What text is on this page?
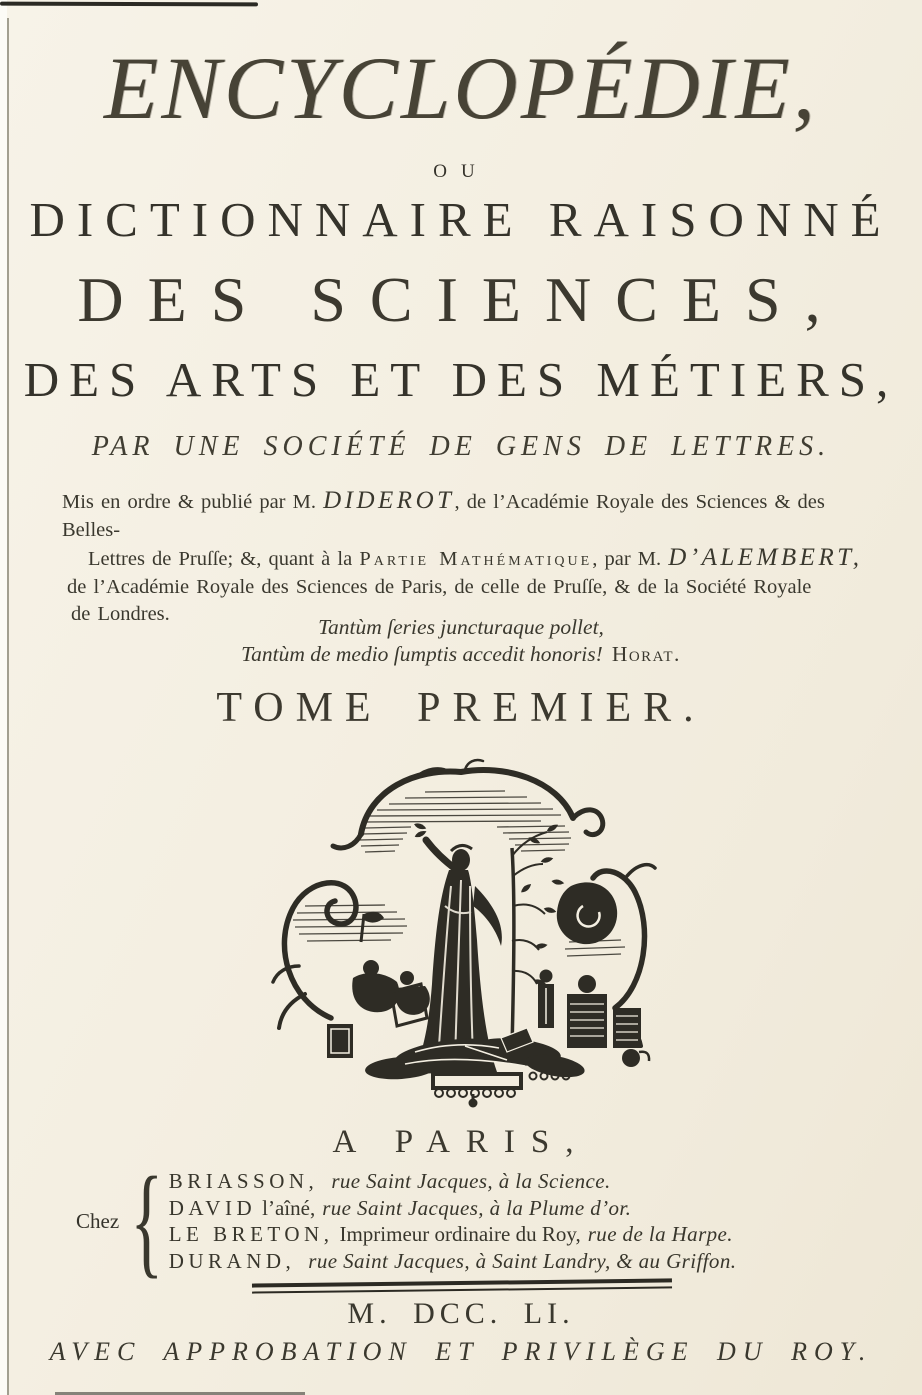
ENCYCLOPÉDIE,
OU
DICTIONNAIRE RAISONNÉ
DES SCIENCES,
DES ARTS ET DES MÉTIERS,
PAR UNE SOCIÉTÉ DE GENS DE LETTRES.
Mis en ordre & publié par M. DIDEROT, de l’Académie Royale des Sciences & des Belles-
Lettres de Pruſſe; &, quant à la Partie Mathématique, par M. D’ALEMBERT,
de l’Académie Royale des Sciences de Paris, de celle de Pruſſe, & de la Société Royale
de Londres.
Tantùm ſeries juncturaque pollet,
Tantùm de medio ſumptis accedit honoris! Horat.
TOME PREMIER.
A PARIS,
Chez { BRIASSON, rue Saint Jacques, à la Science.
DAVID l’aîné, rue Saint Jacques, à la Plume d’or.
LE BRETON, Imprimeur ordinaire du Roy, rue de la Harpe.
DURAND, rue Saint Jacques, à Saint Landry, & au Griffon.
M. DCC. LI.
AVEC APPROBATION ET PRIVILÈGE DU ROY.
